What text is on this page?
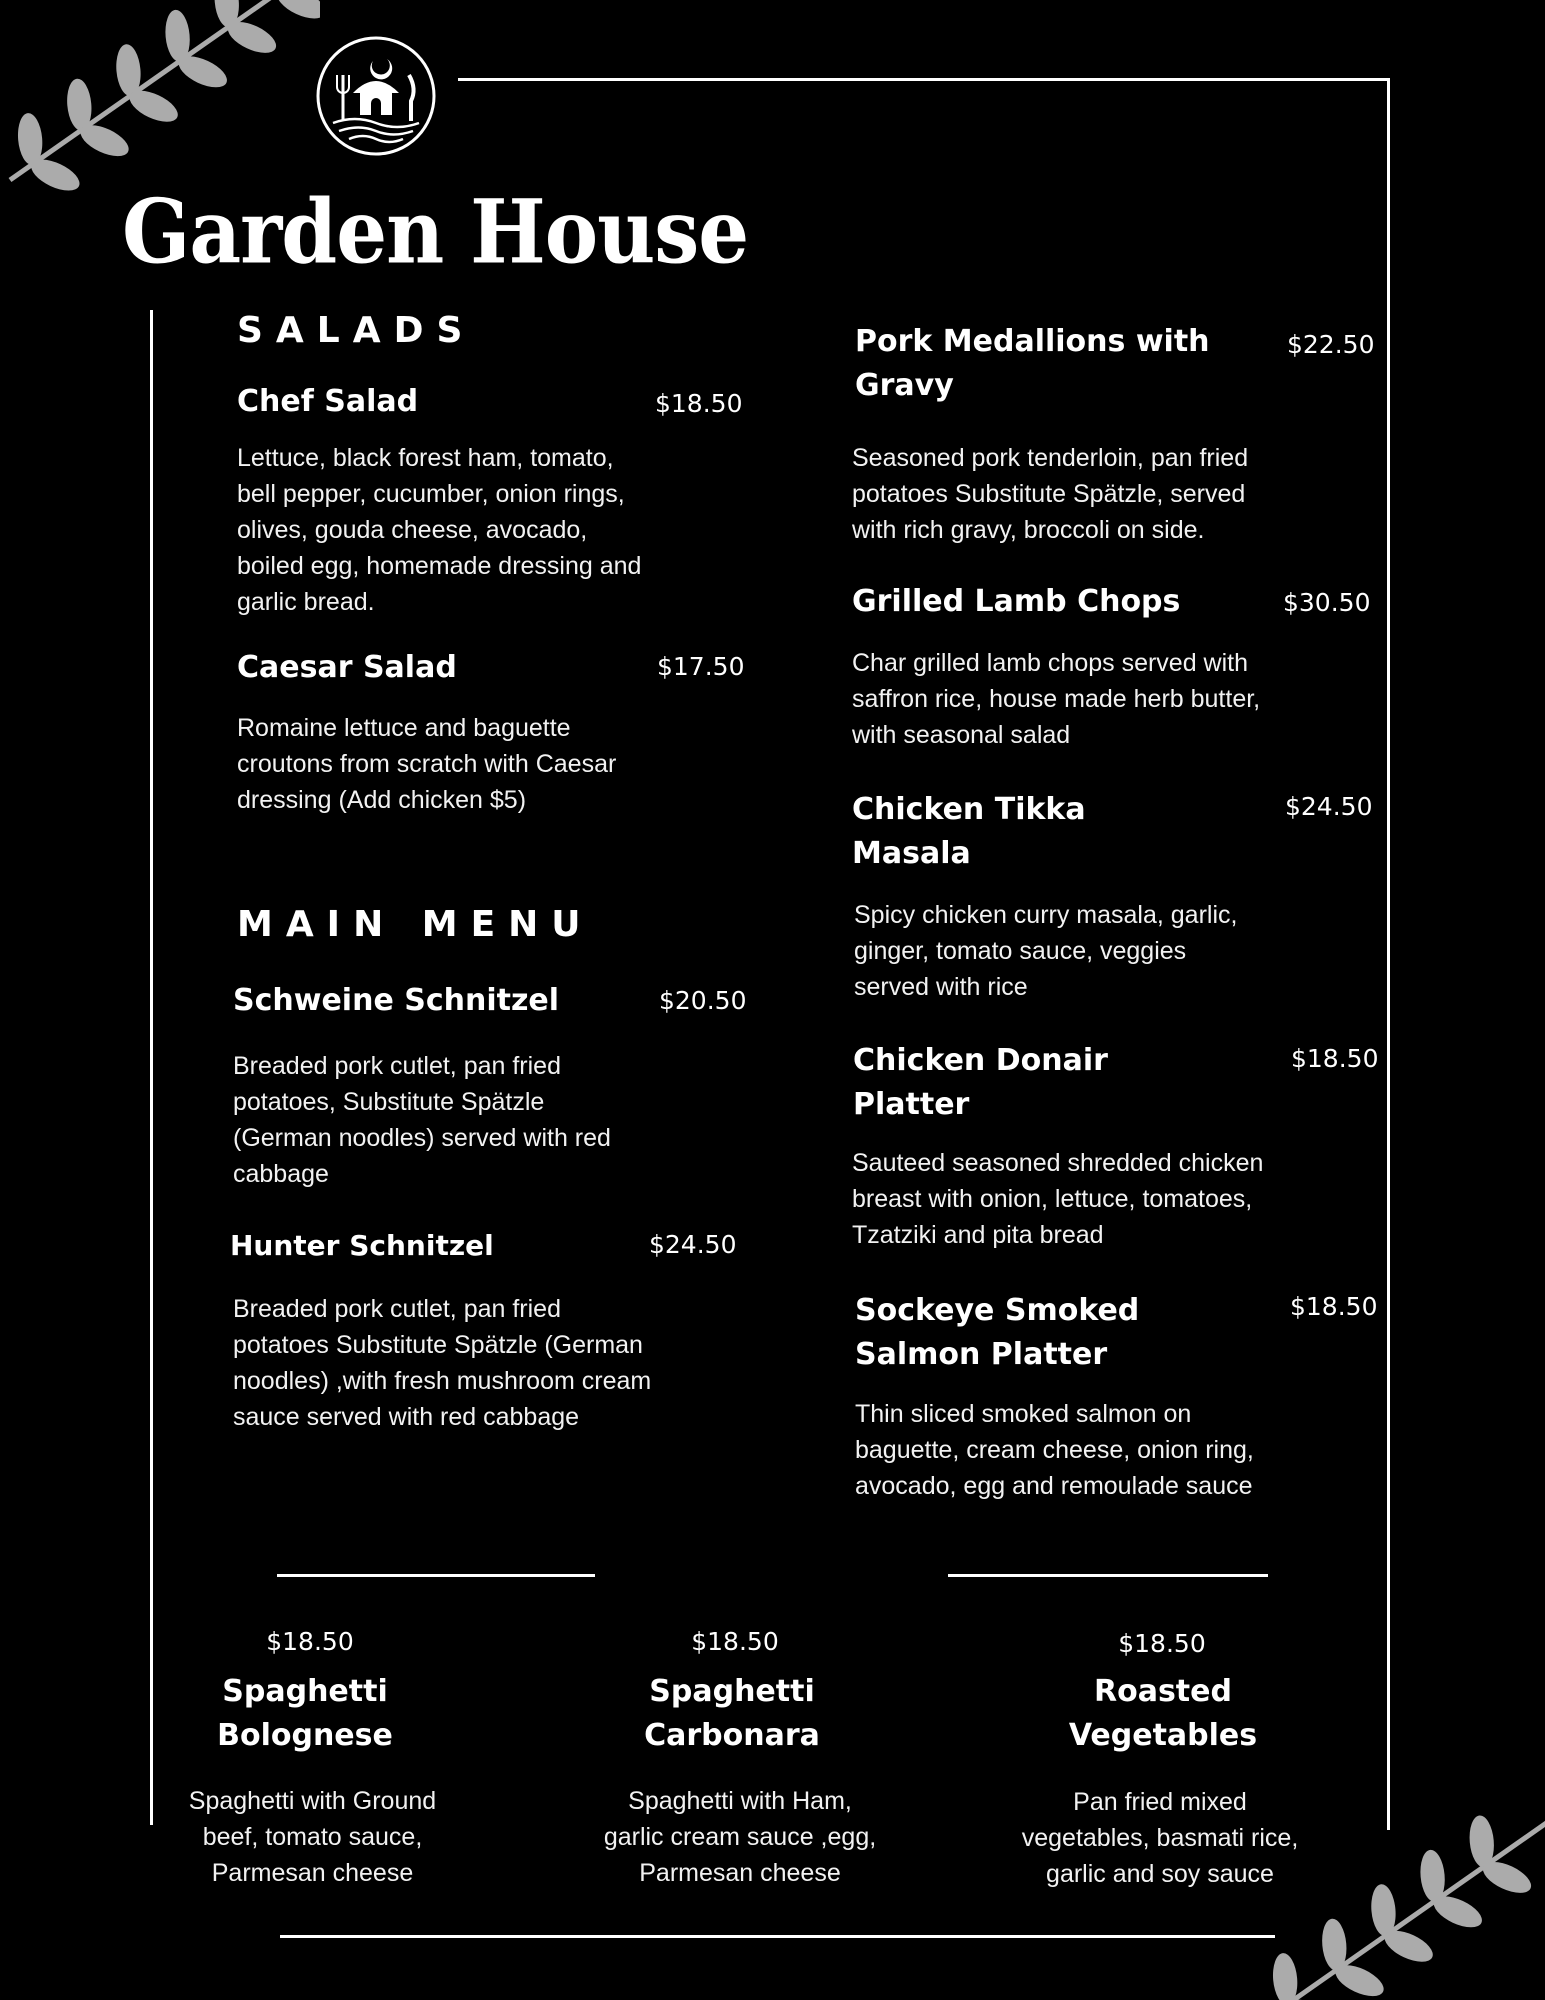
Garden House
SALADS
MAIN MENU
Chef Salad	$18.50
Lettuce, black forest ham, tomato, bell pepper, cucumber, onion rings, olives, gouda cheese, avocado, boiled egg, homemade dressing and garlic bread.
Caesar Salad	$17.50
Romaine lettuce and baguette croutons from scratch with Caesar dressing (Add chicken $5)
Schweine Schnitzel	$20.50
Breaded pork cutlet, pan fried potatoes, Substitute Spätzle (German noodles) served with red cabbage
Hunter Schnitzel	$24.50
Breaded pork cutlet, pan fried potatoes Substitute Spätzle (German noodles) ,with fresh mushroom cream sauce served with red cabbage
Pork Medallions with Gravy
$22.50
Seasoned pork tenderloin, pan fried potatoes Substitute Spätzle, served with rich gravy, broccoli on side.
Grilled Lamb Chops	$30.50
Char grilled lamb chops served with saffron rice, house made herb butter, with seasonal salad
Chicken Tikka Masala
$24.50
Spicy chicken curry masala, garlic, ginger, tomato sauce, veggies served with rice
Chicken Donair Platter
$18.50
Sauteed seasoned shredded chicken breast with onion, lettuce, tomatoes, Tzatziki and pita bread
Sockeye Smoked Salmon Platter
$18.50
Thin sliced smoked salmon on baguette, cream cheese, onion ring, avocado, egg and remoulade sauce
$18.50
Spaghetti Bolognese
Spaghetti with Ground beef, tomato sauce, Parmesan cheese
$18.50
Spaghetti Carbonara
Spaghetti with Ham, garlic cream sauce ,egg, Parmesan cheese
$18.50
Roasted Vegetables
Pan fried mixed vegetables, basmati rice, garlic and soy sauce
